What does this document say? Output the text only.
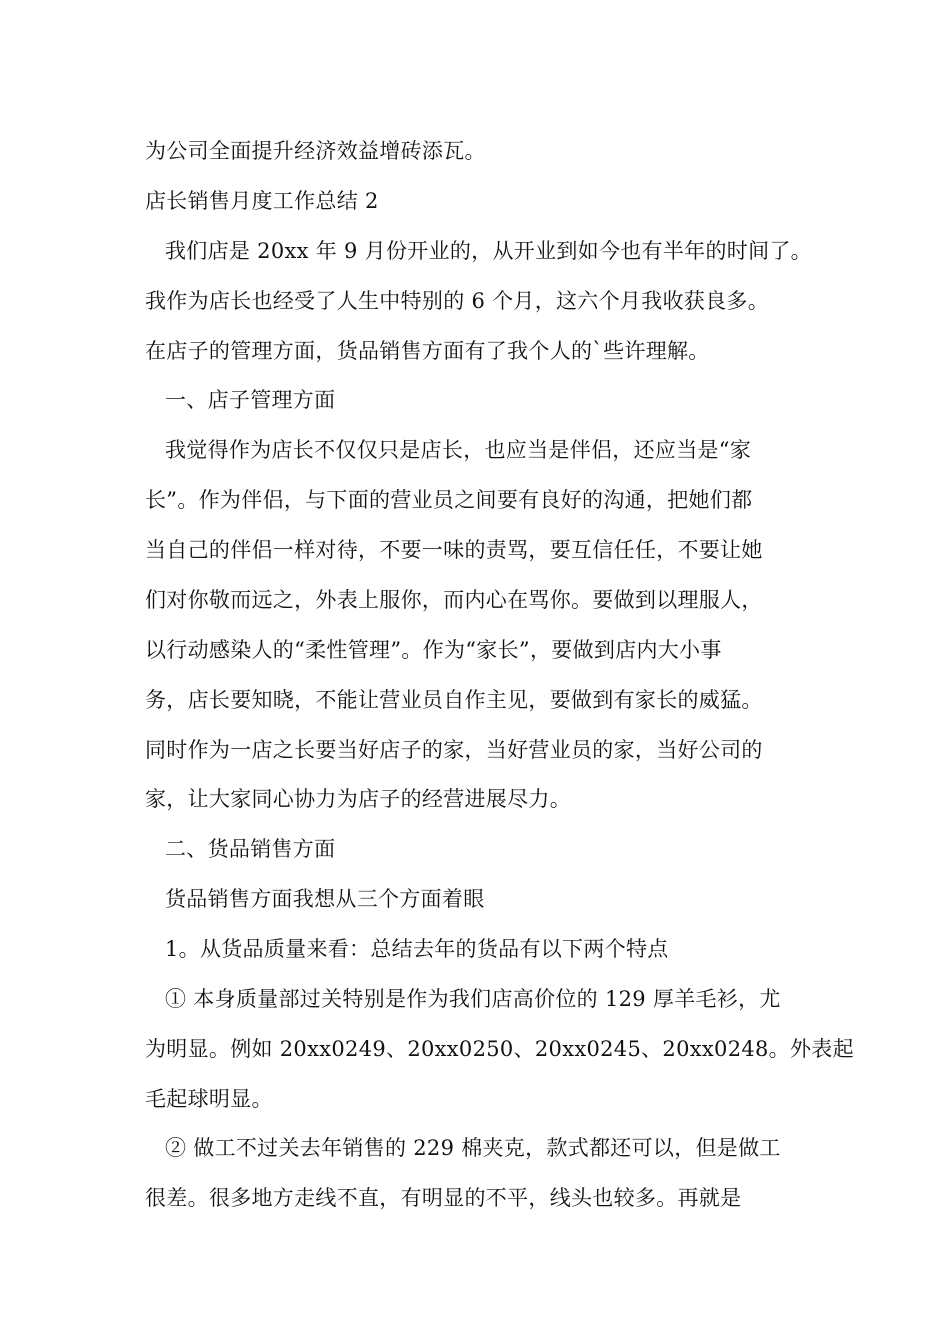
为公司全面提升经济效益增砖添瓦。
店长销售月度工作总结 2
我们店是 20xx 年 9 月份开业的，从开业到如今也有半年的时间了。
我作为店长也经受了人生中特别的 6 个月，这六个月我收获良多。
在店子的管理方面，货品销售方面有了我个人的`些许理解。
一、店子管理方面
我觉得作为店长不仅仅只是店长，也应当是伴侣，还应当是“家
长”。作为伴侣，与下面的营业员之间要有良好的沟通，把她们都
当自己的伴侣一样对待，不要一味的责骂，要互信任任，不要让她
们对你敬而远之，外表上服你，而内心在骂你。要做到以理服人，
以行动感染人的“柔性管理”。作为“家长”，要做到店内大小事
务，店长要知晓，不能让营业员自作主见，要做到有家长的威猛。
同时作为一店之长要当好店子的家，当好营业员的家，当好公司的
家，让大家同心协力为店子的经营进展尽力。
二、货品销售方面
货品销售方面我想从三个方面着眼
1。从货品质量来看：总结去年的货品有以下两个特点
① 本身质量部过关特别是作为我们店高价位的 129 厚羊毛衫，尤
为明显。例如 20xx0249、20xx0250、20xx0245、20xx0248。外表起
毛起球明显。
② 做工不过关去年销售的 229 棉夹克，款式都还可以，但是做工
很差。很多地方走线不直，有明显的不平，线头也较多。再就是
